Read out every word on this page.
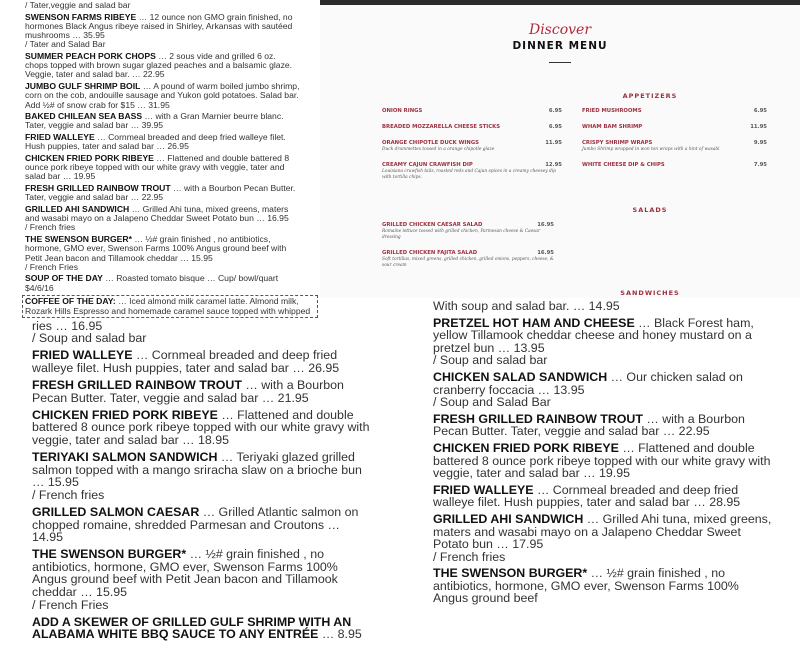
/ Tater,veggie and salad bar
SWENSON FARMS RIBEYE … 12 ounce non GMO grain finished, no hormones Black Angus ribeye raised in Shirley, Arkansas with sautéed mushrooms … 35.95
/ Tater and Salad Bar
SUMMER PEACH PORK CHOPS … 2 sous vide and grilled 6 oz. chops topped with brown sugar glazed peaches and a balsamic glaze. Veggie, tater and salad bar. … 22.95
JUMBO GULF SHRIMP BOIL … A pound of warm boiled jumbo shrimp, corn on the cob, andouille sausage and Yukon gold potatoes. Salad bar. Add ½# of snow crab for $15 … 31.95
BAKED CHILEAN SEA BASS … with a Gran Marnier beurre blanc. Tater, veggie and salad bar … 39.95
FRIED WALLEYE … Cornmeal breaded and deep fried walleye filet. Hush puppies, tater and salad bar … 26.95
CHICKEN FRIED PORK RIBEYE … Flattened and double battered 8 ounce pork ribeye topped with our white gravy with veggie, tater and salad bar … 19.95
FRESH GRILLED RAINBOW TROUT … with a Bourbon Pecan Butter. Tater, veggie and salad bar … 22.95
GRILLED AHI SANDWICH … Grilled Ahi tuna, mixed greens, maters and wasabi mayo on a Jalapeno Cheddar Sweet Potato bun … 16.95
/ French fries
THE SWENSON BURGER* … ½# grain finished , no antibiotics, hormone, GMO ever, Swenson Farms 100% Angus ground beef with Petit Jean bacon and Tillamook cheddar … 15.95
/ French Fries
SOUP OF THE DAY … Roasted tomato bisque … Cup/ bowl/quart $4/6/16
COFFEE OF THE DAY: … Iced almond milk caramel latte. Almond milk, Rozark Hills Espresso and homemade caramel sauce topped with whipped
ries … 16.95
/ Soup and salad bar
FRIED WALLEYE … Cornmeal breaded and deep fried walleye filet. Hush puppies, tater and salad bar … 26.95
FRESH GRILLED RAINBOW TROUT … with a Bourbon Pecan Butter. Tater, veggie and salad bar … 21.95
CHICKEN FRIED PORK RIBEYE … Flattened and double battered 8 ounce pork ribeye topped with our white gravy with veggie, tater and salad bar … 18.95
TERIYAKI SALMON SANDWICH … Teriyaki glazed grilled salmon topped with a mango sriracha slaw on a brioche bun … 15.95
/ French fries
GRILLED SALMON CAESAR … Grilled Atlantic salmon on chopped romaine, shredded Parmesan and Croutons … 14.95
THE SWENSON BURGER* … ½# grain finished , no antibiotics, hormone, GMO ever, Swenson Farms 100% Angus ground beef with Petit Jean bacon and Tillamook cheddar … 15.95
/ French Fries
ADD A SKEWER OF GRILLED GULF SHRIMP WITH AN ALABAMA WHITE BBQ SAUCE TO ANY ENTRÉE … 8.95
Discover
DINNER MENU
APPETIZERS
ONION RINGS	6.95
BREADED MOZZARELLA CHEESE STICKS	6.95
ORANGE CHIPOTLE DUCK WINGS	11.95
Duck drummettes tossed in a orange chipotle glaze
CREAMY CAJUN CRAWFISH DIP	12.95
Louisiana crawfish tails, roasted reds and Cajun spices in a creamy cheesey dip with tortilla chips.
FRIED MUSHROOMS	6.95
WHAM BAM SHRIMP	11.95
CRISPY SHRIMP WRAPS	9.95
Jumbo Shrimp wrapped in won ton wraps with a hint of wasabi
WHITE CHEESE DIP & CHIPS	7.95
SALADS
GRILLED CHICKEN CAESAR SALAD	16.95
Romaine lettuce tossed with grilled chicken, Parmesan cheese & Caesar dressing
GRILLED CHICKEN FAJITA SALAD	16.95
Soft tortillas, mixed greens, grilled chicken, grilled onions, peppers, cheese, & sour cream
SANDWICHES
With soup and salad bar. … 14.95
PRETZEL HOT HAM AND CHEESE … Black Forest ham, yellow Tillamook cheddar cheese and honey mustard on a pretzel bun … 13.95
/ Soup and salad bar
CHICKEN SALAD SANDWICH … Our chicken salad on cranberry foccacia … 13.95
/ Soup and Salad Bar
FRESH GRILLED RAINBOW TROUT … with a Bourbon Pecan Butter. Tater, veggie and salad bar … 22.95
CHICKEN FRIED PORK RIBEYE … Flattened and double battered 8 ounce pork ribeye topped with our white gravy with veggie, tater and salad bar … 19.95
FRIED WALLEYE … Cornmeal breaded and deep fried walleye filet. Hush puppies, tater and salad bar … 28.95
GRILLED AHI SANDWICH … Grilled Ahi tuna, mixed greens, maters and wasabi mayo on a Jalapeno Cheddar Sweet Potato bun … 17.95
/ French fries
THE SWENSON BURGER* … ½# grain finished , no antibiotics, hormone, GMO ever, Swenson Farms 100% Angus ground beef
